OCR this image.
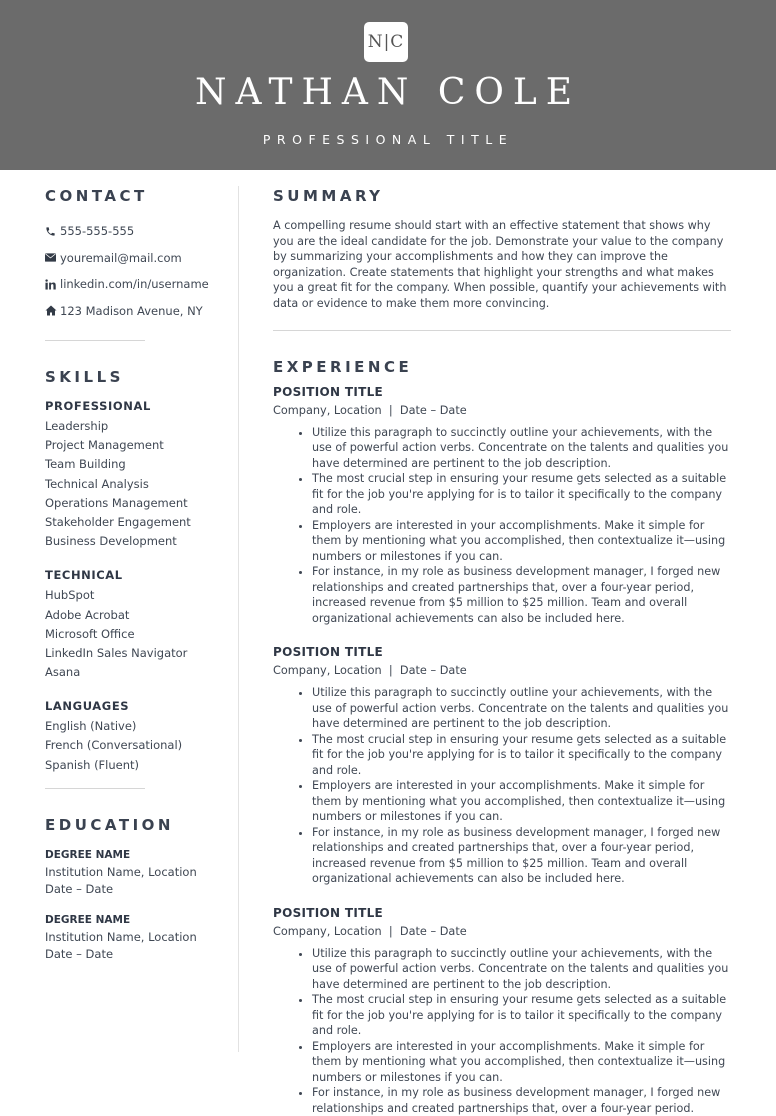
N|C
NATHAN COLE
PROFESSIONAL TITLE
CONTACT
555-555-555
youremail@mail.com
linkedin.com/in/username
123 Madison Avenue, NY
SKILLS
PROFESSIONAL
Leadership
Project Management
Team Building
Technical Analysis
Operations Management
Stakeholder Engagement
Business Development
TECHNICAL
HubSpot
Adobe Acrobat
Microsoft Office
LinkedIn Sales Navigator
Asana
LANGUAGES
English (Native)
French (Conversational)
Spanish (Fluent)
EDUCATION
DEGREE NAME
Institution Name, Location
Date – Date
DEGREE NAME
Institution Name, Location
Date – Date
SUMMARY

A compelling resume should start with an effective statement that shows why you are the ideal candidate for the job. Demonstrate your value to the company by summarizing your accomplishments and how they can improve the organization. Create statements that highlight your strengths and what makes you a great fit for the company. When possible, quantify your achievements with data or evidence to make them more convincing.

EXPERIENCE
POSITION TITLE
Company, Location  |  Date – Date
• Utilize this paragraph to succinctly outline your achievements, with the use of powerful action verbs. Concentrate on the talents and qualities you have determined are pertinent to the job description.
• The most crucial step in ensuring your resume gets selected as a suitable fit for the job you're applying for is to tailor it specifically to the company and role.
• Employers are interested in your accomplishments. Make it simple for them by mentioning what you accomplished, then contextualize it—using numbers or milestones if you can.
• For instance, in my role as business development manager, I forged new relationships and created partnerships that, over a four-year period, increased revenue from $5 million to $25 million. Team and overall organizational achievements can also be included here.
POSITION TITLE
Company, Location  |  Date – Date
• Utilize this paragraph to succinctly outline your achievements, with the use of powerful action verbs. Concentrate on the talents and qualities you have determined are pertinent to the job description.
• The most crucial step in ensuring your resume gets selected as a suitable fit for the job you're applying for is to tailor it specifically to the company and role.
• Employers are interested in your accomplishments. Make it simple for them by mentioning what you accomplished, then contextualize it—using numbers or milestones if you can.
• For instance, in my role as business development manager, I forged new relationships and created partnerships that, over a four-year period, increased revenue from $5 million to $25 million. Team and overall organizational achievements can also be included here.
POSITION TITLE
Company, Location  |  Date – Date
• Utilize this paragraph to succinctly outline your achievements, with the use of powerful action verbs. Concentrate on the talents and qualities you have determined are pertinent to the job description.
• The most crucial step in ensuring your resume gets selected as a suitable fit for the job you're applying for is to tailor it specifically to the company and role.
• Employers are interested in your accomplishments. Make it simple for them by mentioning what you accomplished, then contextualize it—using numbers or milestones if you can.
• For instance, in my role as business development manager, I forged new relationships and created partnerships that, over a four-year period.
